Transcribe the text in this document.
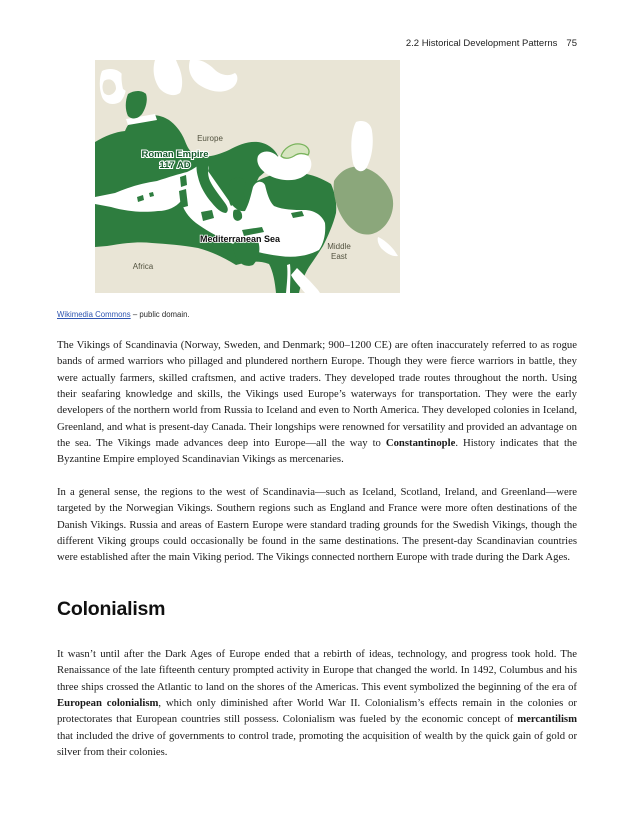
2.2 Historical Development Patterns 75
Europe
Roman Empire
117 AD
Mediterranean Sea
Middle
East
Africa
Wikimedia Commons – public domain.

The Vikings of Scandinavia (Norway, Sweden, and Denmark; 900–1200 CE) are often inaccurately referred to as rogue bands of armed warriors who pillaged and plundered northern Europe. Though they were fierce warriors in battle, they were actually farmers, skilled craftsmen, and active traders. They developed trade routes throughout the north. Using their seafaring knowledge and skills, the Vikings used Europe’s waterways for transportation. They were the early developers of the northern world from Russia to Iceland and even to North America. They developed colonies in Iceland, Greenland, and what is present-day Canada. Their longships were renowned for versatility and provided an advantage on the sea. The Vikings made advances deep into Europe—all the way to Constantinople. History indicates that the Byzantine Empire employed Scandinavian Vikings as mercenaries.

In a general sense, the regions to the west of Scandinavia—such as Iceland, Scotland, Ireland, and Greenland—were targeted by the Norwegian Vikings. Southern regions such as England and France were more often destinations of the Danish Vikings. Russia and areas of Eastern Europe were standard trading grounds for the Swedish Vikings, though the different Viking groups could occasionally be found in the same destinations. The present-day Scandinavian countries were established after the main Viking period. The Vikings connected northern Europe with trade during the Dark Ages.

Colonialism

It wasn’t until after the Dark Ages of Europe ended that a rebirth of ideas, technology, and progress took hold. The Renaissance of the late fifteenth century prompted activity in Europe that changed the world. In 1492, Columbus and his three ships crossed the Atlantic to land on the shores of the Americas. This event symbolized the beginning of the era of European colonialism, which only diminished after World War II. Colonialism’s effects remain in the colonies or protectorates that European countries still possess. Colonialism was fueled by the economic concept of mercantilism that included the drive of governments to control trade, promoting the acquisition of wealth by the quick gain of gold or silver from their colonies.
